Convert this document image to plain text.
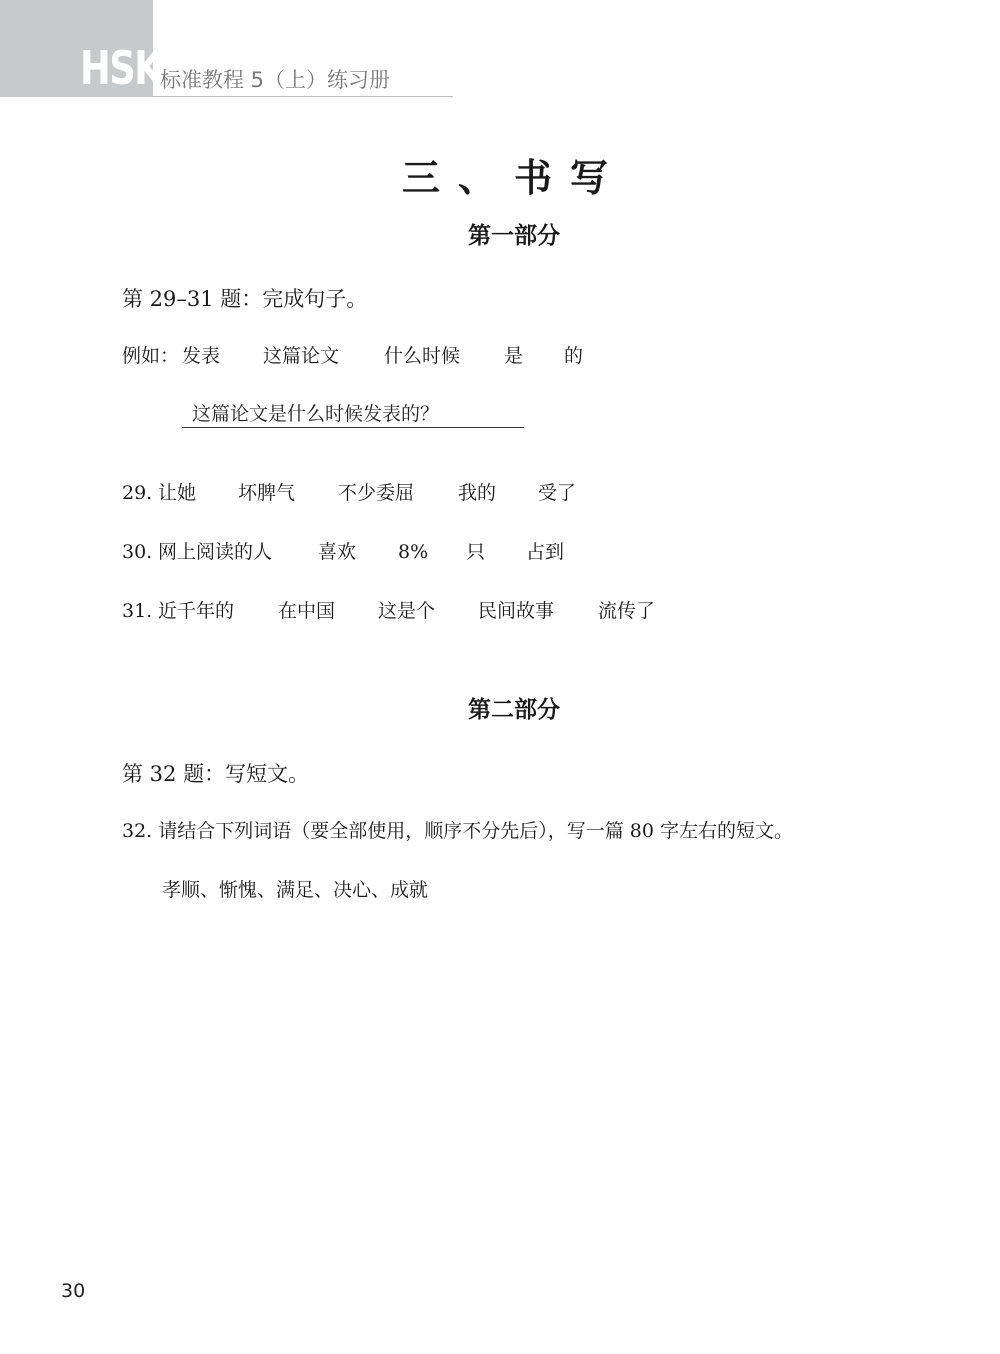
HSK
标准教程 5（上）练习册
三、书写
第一部分
第 29–31 题：完成句子。
例如： 发表 这篇论文 什么时候 是 的
这篇论文是什么时候发表的？
29. 让她 坏脾气 不少委屈 我的 受了
30. 网上阅读的人 喜欢 8% 只 占到
31. 近千年的 在中国 这是个 民间故事 流传了
第二部分
第 32 题：写短文。
32. 请结合下列词语（要全部使用，顺序不分先后），写一篇 80 字左右的短文。
孝顺、惭愧、满足、决心、成就
30
